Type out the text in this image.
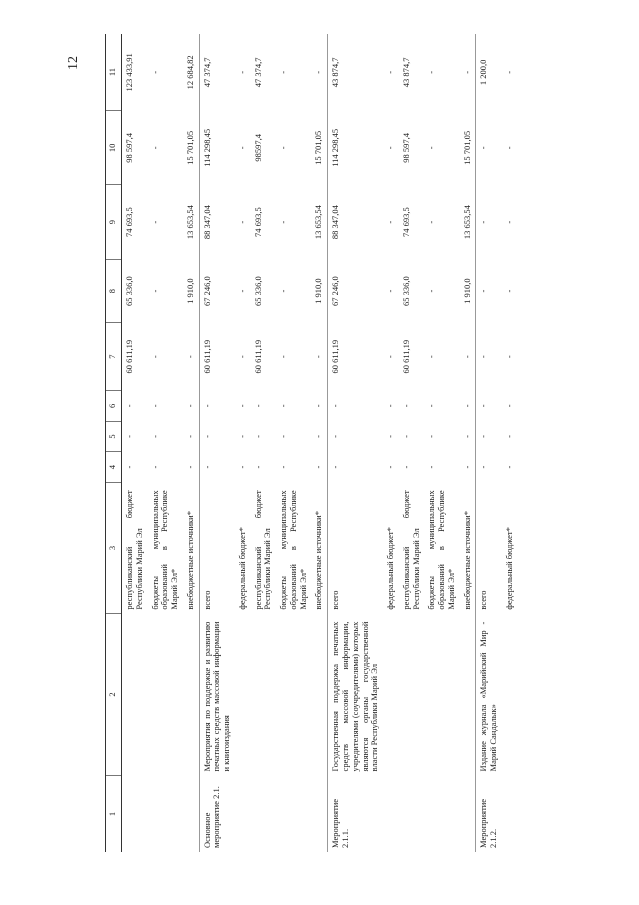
12
1	2	3	4	5	6	7	8	9	10	11
		республиканский бюджет Республики Марий Эл	-	-	-	60 611,19	65 336,0	74 693,5	98 597,4	123 433,91
		бюджеты муниципальных образований в Республике Марий Эл*	-	-	-	-	-	-	-	-
		внебюджетные источники*	-	-	-	-	1 910,0	13 653,54	15 701,05	12 684,82
Основное мероприятие 2.1.	Мероприятия по поддержке и развитию печатных средств массовой информации и книгоиздания	всего	-	-	-	60 611,19	67 246,0	88 347,04	114 298,45	47 374,7
		федеральный бюджет*	-	-	-	-	-	-	-	-
		республиканский бюджет Республики Марий Эл	-	-	-	60 611,19	65 336,0	74 693,5	98597,4	47 374,7
		бюджеты муниципальных образований в Республике Марий Эл*	-	-	-	-	-	-	-	-
		внебюджетные источники*	-	-	-	-	1 910,0	13 653,54	15 701,05	-
Мероприятие 2.1.1.	Государственная поддержка печатных средств массовой информации, учредителями (соучредителями) которых являются органы государственной власти Республики Марий Эл	всего	-	-	-	60 611,19	67 246,0	88 347,04	114 298,45	43 874,7
		федеральный бюджет*	-	-	-	-	-	-	-	-
		республиканский бюджет Республики Марий Эл	-	-	-	60 611,19	65 336,0	74 693,5	98 597,4	43 874,7
		бюджеты муниципальных образований в Республике Марий Эл*	-	-	-	-	-	-	-	-
		внебюджетные источники*	-	-	-	-	1 910,0	13 653,54	15 701,05	-
Мероприятие 2.1.2.	Издание журнала «Марийский Мир - Марий Сандалык»	всего	-	-	-	-	-	-	-	1 200,0
		федеральный бюджет*	-	-	-	-	-	-	-	-
